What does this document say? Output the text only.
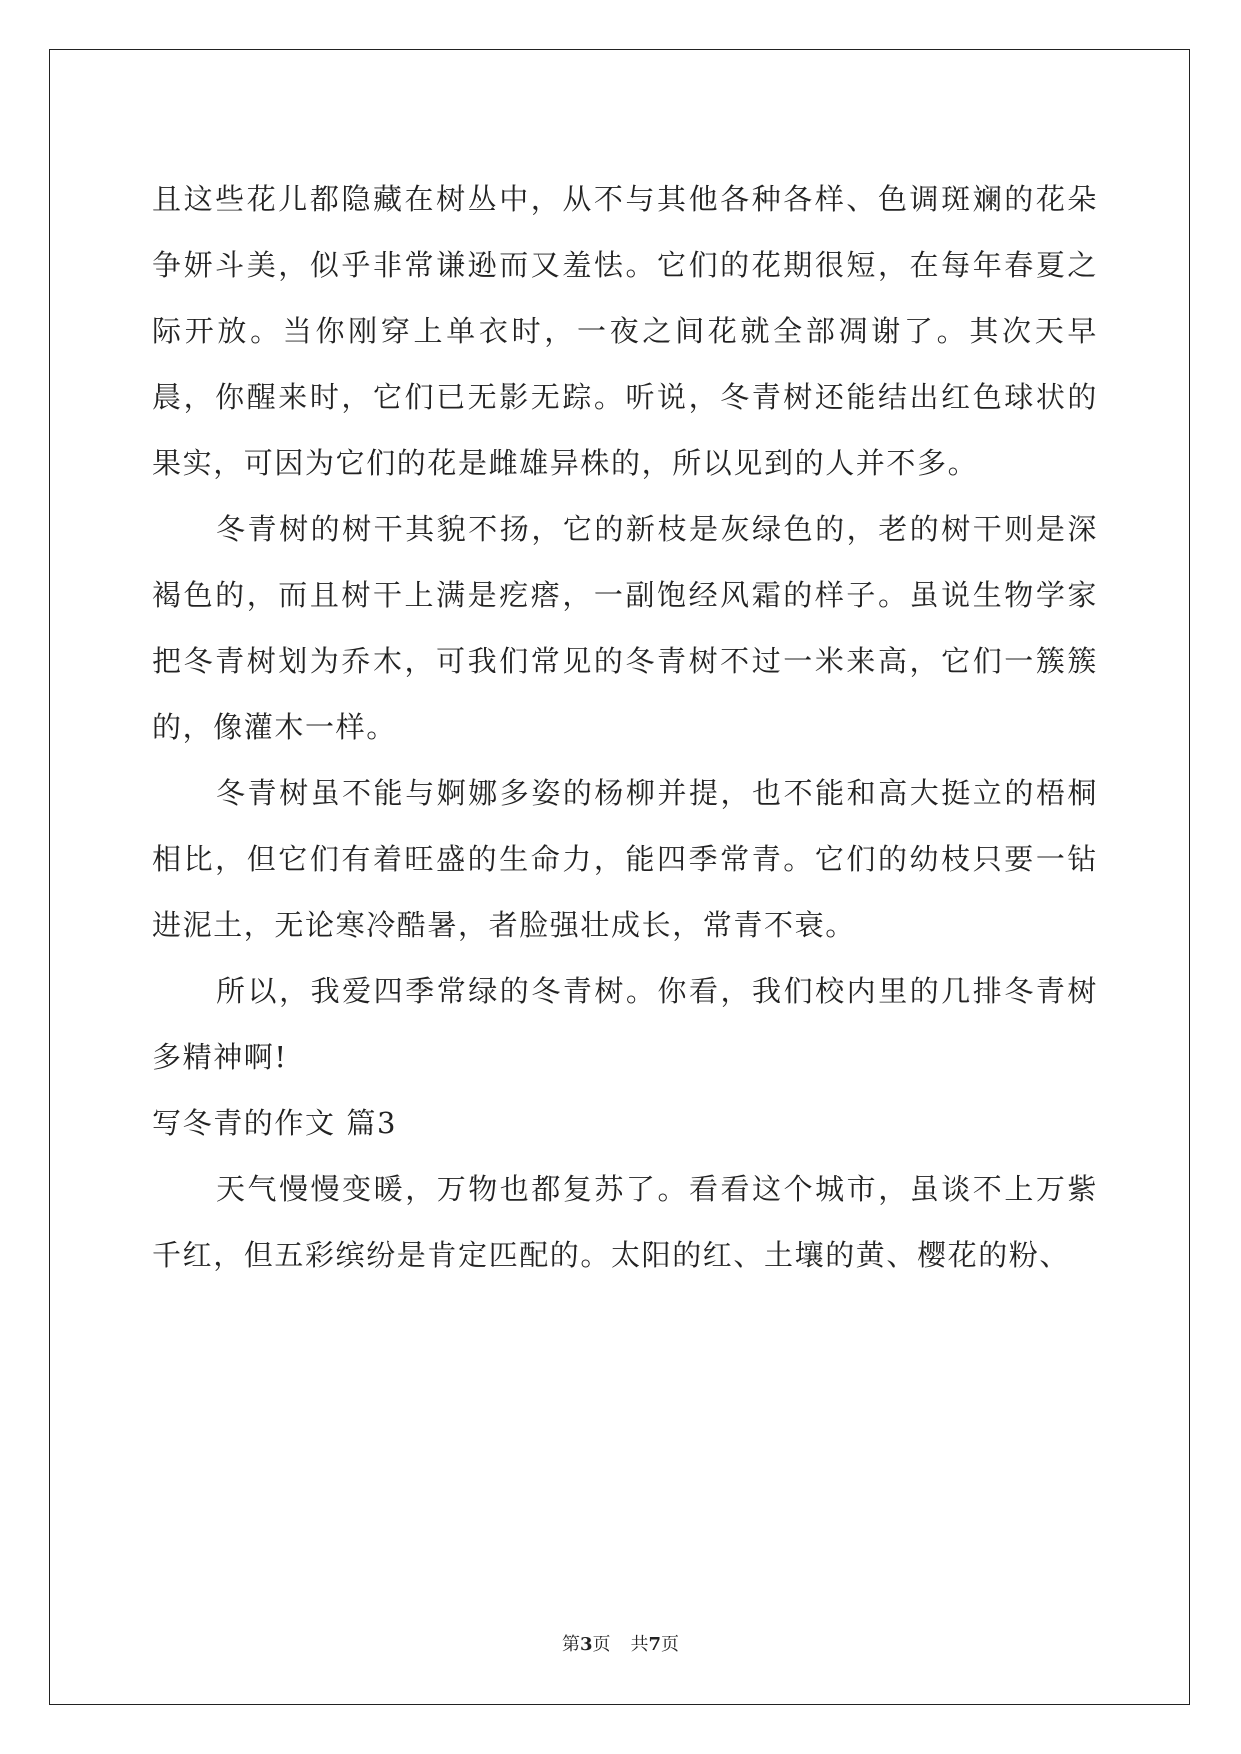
且这些花儿都隐藏在树丛中，从不与其他各种各样、色调斑斓的花朵争妍斗美，似乎非常谦逊而又羞怯。它们的花期很短，在每年春夏之际开放。当你刚穿上单衣时，一夜之间花就全部凋谢了。其次天早晨，你醒来时，它们已无影无踪。听说，冬青树还能结出红色球状的果实，可因为它们的花是雌雄异株的，所以见到的人并不多。

冬青树的树干其貌不扬，它的新枝是灰绿色的，老的树干则是深褐色的，而且树干上满是疙瘩，一副饱经风霜的样子。虽说生物学家把冬青树划为乔木，可我们常见的冬青树不过一米来高，它们一簇簇的，像灌木一样。

冬青树虽不能与婀娜多姿的杨柳并提，也不能和高大挺立的梧桐相比，但它们有着旺盛的生命力，能四季常青。它们的幼枝只要一钻进泥土，无论寒冷酷暑，者脸强壮成长，常青不衰。

所以，我爱四季常绿的冬青树。你看，我们校内里的几排冬青树多精神啊!

写冬青的作文 篇3

天气慢慢变暖，万物也都复苏了。看看这个城市，虽谈不上万紫千红，但五彩缤纷是肯定匹配的。太阳的红、土壤的黄、樱花的粉、

第3页 共7页
